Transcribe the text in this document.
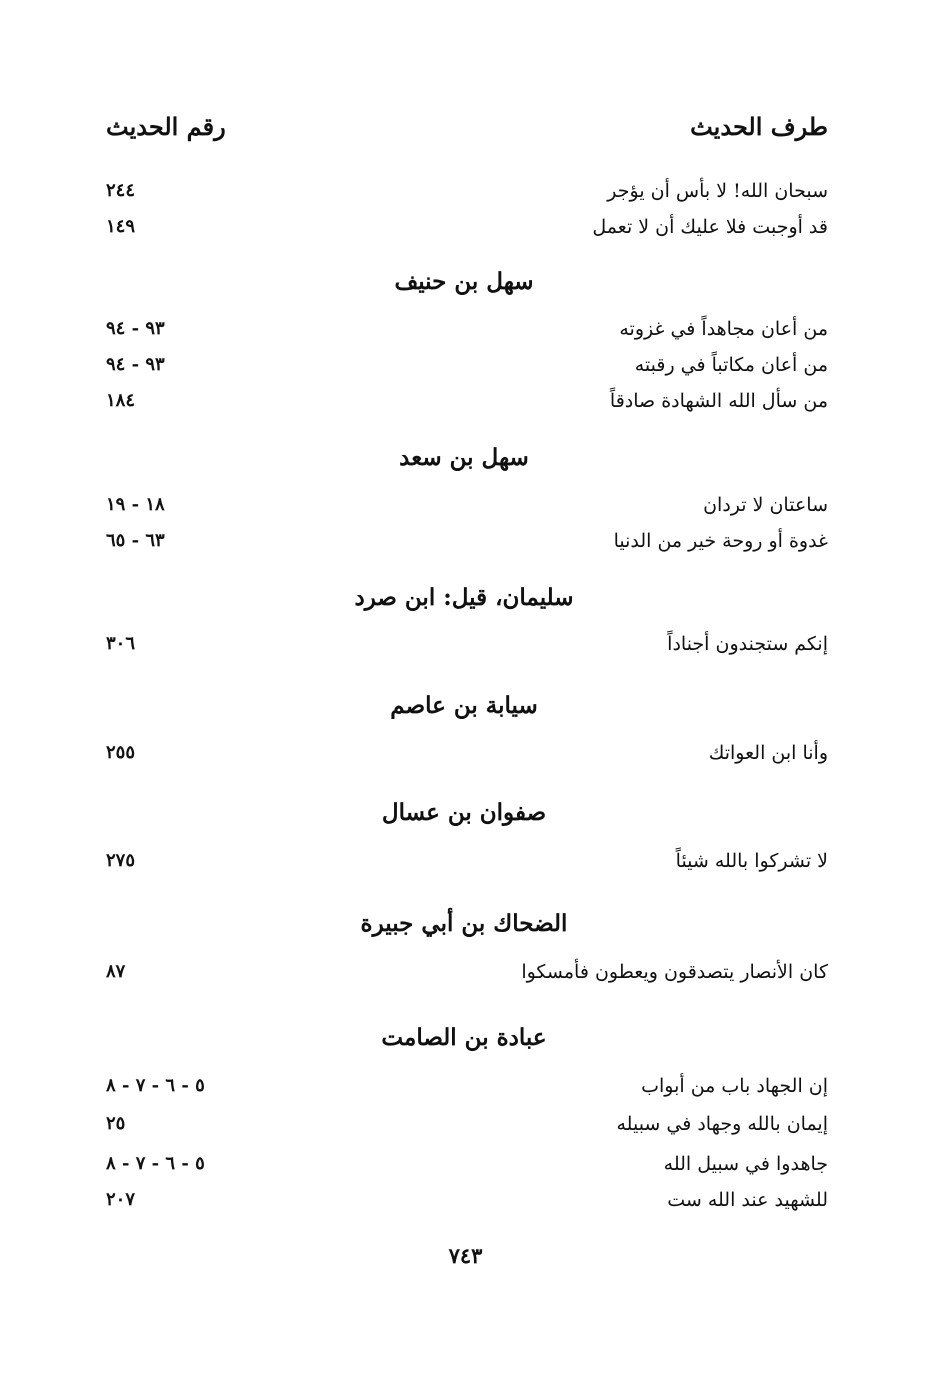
طرف الحديث
رقم الحديث
سبحان الله! لا بأس أن يؤجر
٢٤٤
قد أوجبت فلا عليك أن لا تعمل
١٤٩
سهل بن حنيف
من أعان مجاهداً في غزوته
٩٣ - ٩٤
من أعان مكاتباً في رقبته
٩٣ - ٩٤
من سأل الله الشهادة صادقاً
١٨٤
سهل بن سعد
ساعتان لا تردان
١٨ - ١٩
غدوة أو روحة خير من الدنيا
٦٣ - ٦٥
سليمان، قيل: ابن صرد
إنكم ستجندون أجناداً
٣٠٦
سيابة بن عاصم
وأنا ابن العواتك
٢٥٥
صفوان بن عسال
لا تشركوا بالله شيئاً
٢٧٥
الضحاك بن أبي جبيرة
كان الأنصار يتصدقون ويعطون فأمسكوا
٨٧
عبادة بن الصامت
إن الجهاد باب من أبواب
٥ - ٦ - ٧ - ٨
إيمان بالله وجهاد في سبيله
٢٥
جاهدوا في سبيل الله
٥ - ٦ - ٧ - ٨
للشهيد عند الله ست
٢٠٧
٧٤٣
